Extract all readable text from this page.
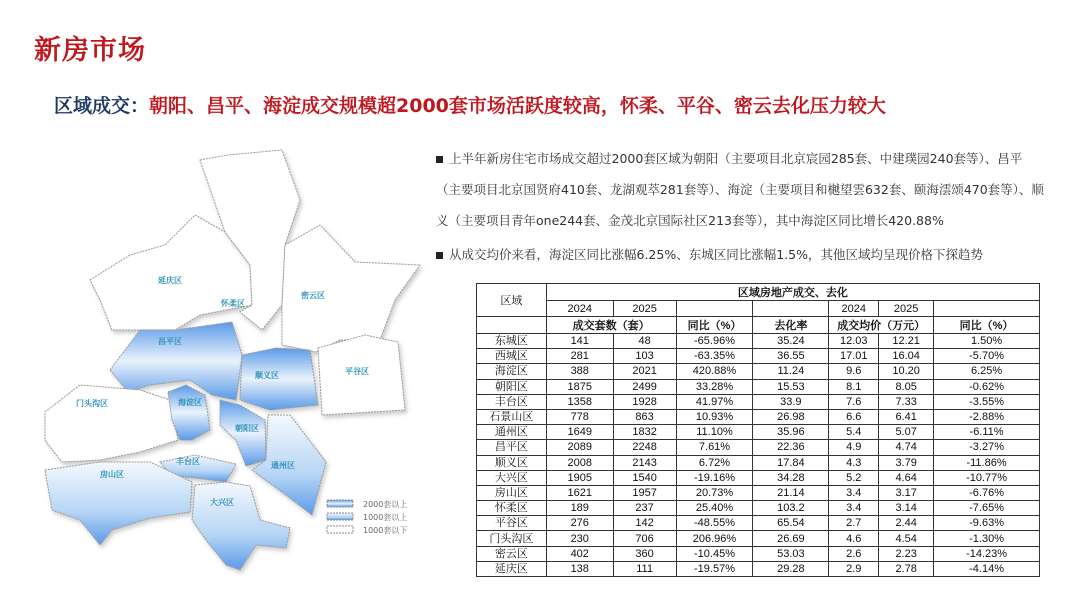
新房市场
区域成交：朝阳、昌平、海淀成交规模超2000套市场活跃度较高，怀柔、平谷、密云去化压力较大
上半年新房住宅市场成交超过2000套区域为朝阳（主要项目北京宸园285套、中建璞园240套等）、昌平（主要项目北京国贤府410套、龙湖观萃281套等）、海淀（主要项目和樾望雲632套、颐海澐颂470套等）、顺义（主要项目青年one244套、金茂北京国际社区213套等），其中海淀区同比增长420.88%
从成交均价来看，海淀区同比涨幅6.25%、东城区同比涨幅1.5%，其他区域均呈现价格下探趋势
延庆区
怀柔区
密云区
平谷区
昌平区
顺义区
门头沟区	海淀区
朝阳区
丰台区	通州区
房山区
大兴区	2000套以上
1000套以上
1000套以下
区域	区域房地产成交、去化						
	2024	2025			2024	2025	
	成交套数（套）		同比（%）	去化率	成交均价（万元）		同比（%）
东城区	141	48	-65.96%	35.24	12.03	12.21	1.50%
西城区	281	103	-63.35%	36.55	17.01	16.04	-5.70%
海淀区	388	2021	420.88%	11.24	9.6	10.20	6.25%
朝阳区	1875	2499	33.28%	15.53	8.1	8.05	-0.62%
丰台区	1358	1928	41.97%	33.9	7.6	7.33	-3.55%
石景山区	778	863	10.93%	26.98	6.6	6.41	-2.88%
通州区	1649	1832	11.10%	35.96	5.4	5.07	-6.11%
昌平区	2089	2248	7.61%	22.36	4.9	4.74	-3.27%
顺义区	2008	2143	6.72%	17.84	4.3	3.79	-11.86%
大兴区	1905	1540	-19.16%	34.28	5.2	4.64	-10.77%
房山区	1621	1957	20.73%	21.14	3.4	3.17	-6.76%
怀柔区	189	237	25.40%	103.2	3.4	3.14	-7.65%
平谷区	276	142	-48.55%	65.54	2.7	2.44	-9.63%
门头沟区	230	706	206.96%	26.69	4.6	4.54	-1.30%
密云区	402	360	-10.45%	53.03	2.6	2.23	-14.23%
延庆区	138	111	-19.57%	29.28	2.9	2.78	-4.14%
